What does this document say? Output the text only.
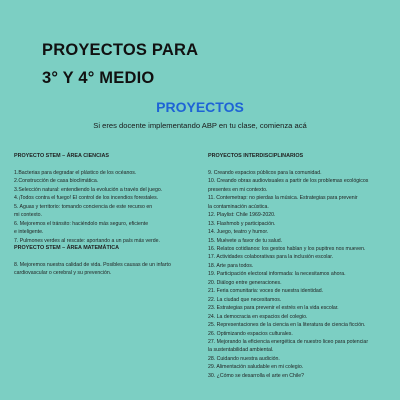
PROYECTOS PARA
3° Y 4° MEDIO
PROYECTOS
Si eres docente implementando ABP en tu clase, comienza acá
PROYECTO STEM – ÁREA CIENCIAS
1.Bacterias para degradar el plástico de los océanos.
2.Construcción de casa bioclimática.
3.Selección natural: entendiendo la evolución a través del juego.
4.¡Todos contra el fuego! El control de los incendios forestales.
5. Aguas y territorio: tomando conciencia de este recurso en
mi contexto.
6. Mejoremos el tránsito: haciéndolo más seguro, eficiente
e inteligente.
7. Pulmones verdes al rescate: aportando a un país más verde.
PROYECTO STEM – ÁREA MATEMÁTICA
8. Mejoremos nuestra calidad de vida. Posibles causas de un infarto
cardiovascular o cerebral y su prevención.
PROYECTOS INTERDISCIPLINARIOS
9. Creando espacios públicos para la comunidad.
10. Creando obras audiovisuales a partir de los problemas ecológicos
presentes en mi contexto.
11. Contemetrap: no pierdas la música. Estrategias para prevenir
la contaminación acústica.
12. Playlist: Chile 1969-2020.
13. Flashmob y participación.
14. Juego, teatro y humor.
15. Muévete a favor de tu salud.
16. Relatos cotidianos: los gestos hablan y los pupitres nos mueven.
17. Actividades colaborativas para la inclusión escolar.
18. Arte para todos.
19. Participación electoral informada: la necesitamos ahora.
20. Diálogo entre generaciones.
21. Feria comunitaria: voces de nuestra identidad.
22. La ciudad que necesitamos.
23. Estrategias para prevenir el estrés en la vida escolar.
24. La democracia en espacios del colegio.
25. Representaciones de la ciencia en la literatura de ciencia ficción.
26. Optimizando espacios culturales.
27. Mejorando la eficiencia energética de nuestro liceo para potenciar
la sustentabilidad ambiental.
28. Cuidando nuestra audición.
29. Alimentación saludable en mi colegio.
30. ¿Cómo se desarrolla el arte en Chile?
